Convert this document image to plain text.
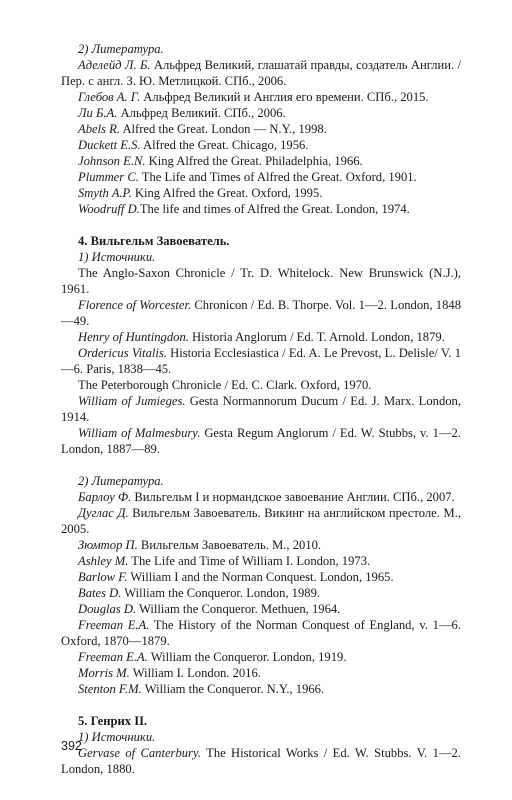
2) Литература.

Аделейд Л. Б. Альфред Великий, глашатай правды, создатель Англии. / Пер. с англ. З. Ю. Метлицкой. СПб., 2006.

Глебов А. Г. Альфред Великий и Англия его времени. СПб., 2015.

Ли Б.А. Альфред Великий. СПб., 2006.

Abels R. Alfred the Great. London — N.Y., 1998.

Duckett E.S. Alfred the Great. Chicago, 1956.

Johnson E.N. King Alfred the Great. Philadelphia, 1966.

Plummer C. The Life and Times of Alfred the Great. Oxford, 1901.

Smyth A.P. King Alfred the Great. Oxford, 1995.

Woodruff D.The life and times of Alfred the Great. London, 1974.

4. Вильгельм Завоеватель.

1) Источники.

The Anglo-Saxon Chronicle / Tr. D. Whitelock. New Brunswick (N.J.), 1961.

Florence of Worcester. Chronicon / Ed. B. Thorpe. Vol. 1—2. London, 1848—49.

Henry of Huntingdon. Historia Anglorum / Ed. T. Arnold. London, 1879.

Ordericus Vitalis. Historia Ecclesiastica / Ed. A. Le Prevost, L. Delisle/ V. 1—6. Paris, 1838—45.

The Peterborough Chronicle / Ed. C. Clark. Oxford, 1970.

William of Jumieges. Gesta Normannorum Ducum / Ed. J. Marx. London, 1914.

William of Malmesbury. Gesta Regum Anglorum / Ed. W. Stubbs, v. 1—2. London, 1887—89.

2) Литература.

Барлоу Ф. Вильгельм I и нормандское завоевание Англии. СПб., 2007.

Дуглас Д. Вильгельм Завоеватель. Викинг на английском престоле. М., 2005.

Зюмтор П. Вильгельм Завоеватель. М., 2010.

Ashley M. The Life and Time of William I. London, 1973.

Barlow F. William I and the Norman Conquest. London, 1965.

Bates D. William the Conqueror. London, 1989.

Douglas D. William the Conqueror. Methuen, 1964.

Freeman E.A. The History of the Norman Conquest of England, v. 1—6. Oxford, 1870—1879.

Freeman E.A. William the Conqueror. London, 1919.

Morris M. William I. London. 2016.

Stenton F.M. William the Conqueror. N.Y., 1966.

5. Генрих II.

1) Источники.

Gervase of Canterbury. The Historical Works / Ed. W. Stubbs. V. 1—2. London, 1880.

392
